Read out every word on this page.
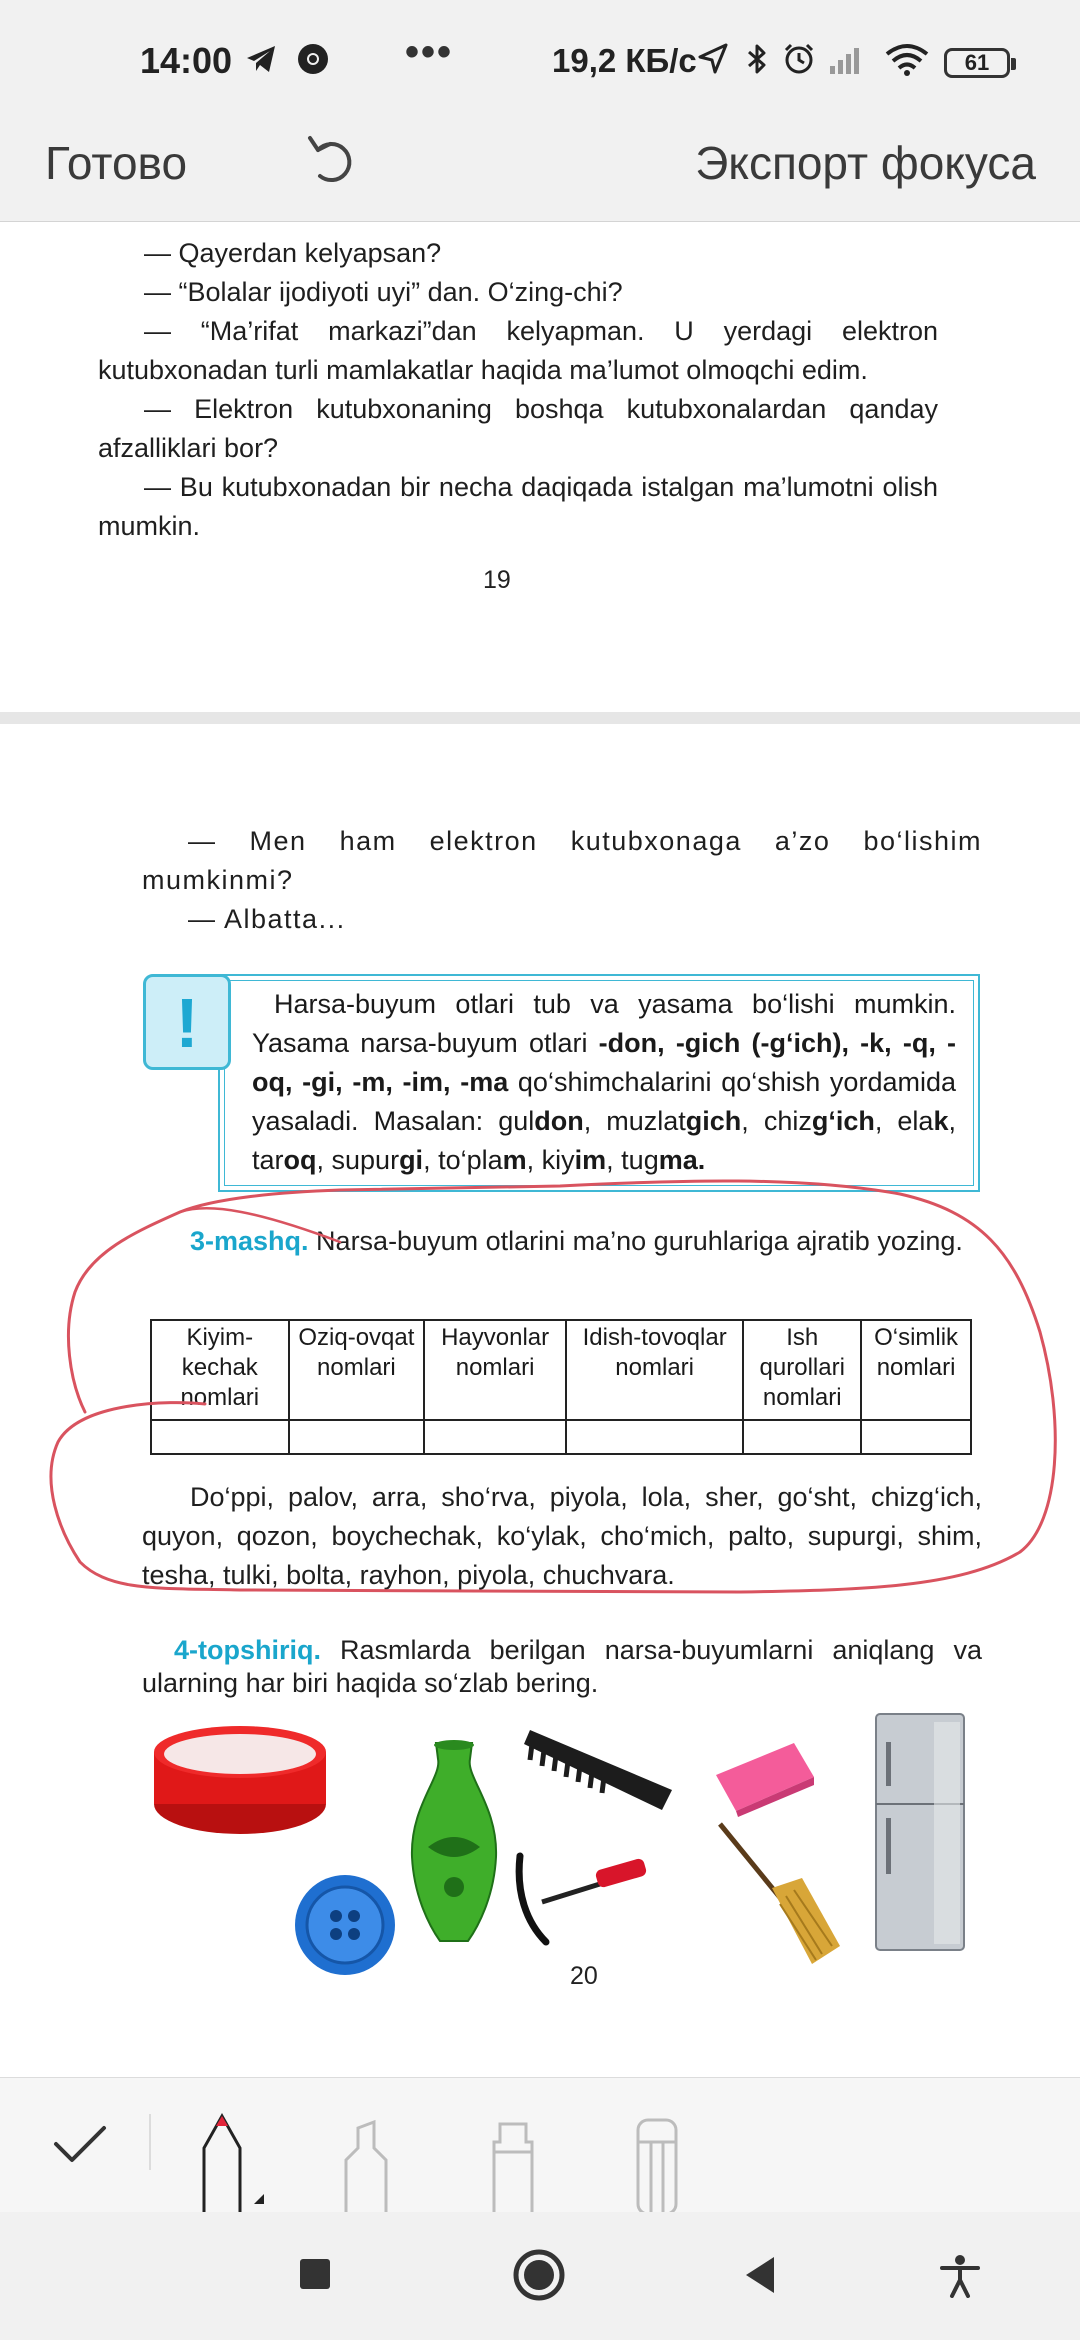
14:00	•••	19,2 КБ/с	61
Готово	Экспорт фокуса
— Qayerdan kelyapsan?
— “Bolalar ijodiyoti uyi” dan. O‘zing-chi?
— “Ma’rifat markazi”dan kelyapman. U yerdagi elektron kutubxonadan turli mamlakatlar haqida ma’lumot olmoqchi edim.
— Elektron kutubxonaning boshqa kutubxonalardan qanday afzalliklari bor?
— Bu kutubxonadan bir necha daqiqada istalgan ma’lumotni olish mumkin.
19
— Men ham elektron kutubxonaga a’zo bo‘lishim mumkinmi?
— Albatta...
!	Harsa-buyum otlari tub va yasama bo‘lishi mumkin. Yasama narsa-buyum otlari -don, -gich (-g‘ich), -k, -q, -oq, -gi, -m, -im, -ma qo‘shimchalarini qo‘shish yordamida yasaladi. Masalan: guldon, muzlatgich, chizg‘ich, elak, taroq, supurgi, to‘plam, kiyim, tugma.
3-mashq. Narsa-buyum otlarini ma’no guruhlariga ajratib yozing.
Kiyim-kechak nomlari	Oziq-ovqat nomlari	Hayvonlar nomlari	Idish-tovoqlar nomlari	Ish qurollari nomlari	O‘simlik nomlari

Do‘ppi, palov, arra, sho‘rva, piyola, lola, sher, go‘sht, chizg‘ich, quyon, qozon, boychechak, ko‘ylak, cho‘mich, palto, supurgi, shim, tesha, tulki, bolta, rayhon, piyola, chuchvara.
4-topshiriq. Rasmlarda berilgan narsa-buyumlarni aniqlang va ularning har biri haqida so‘zlab bering.
20
